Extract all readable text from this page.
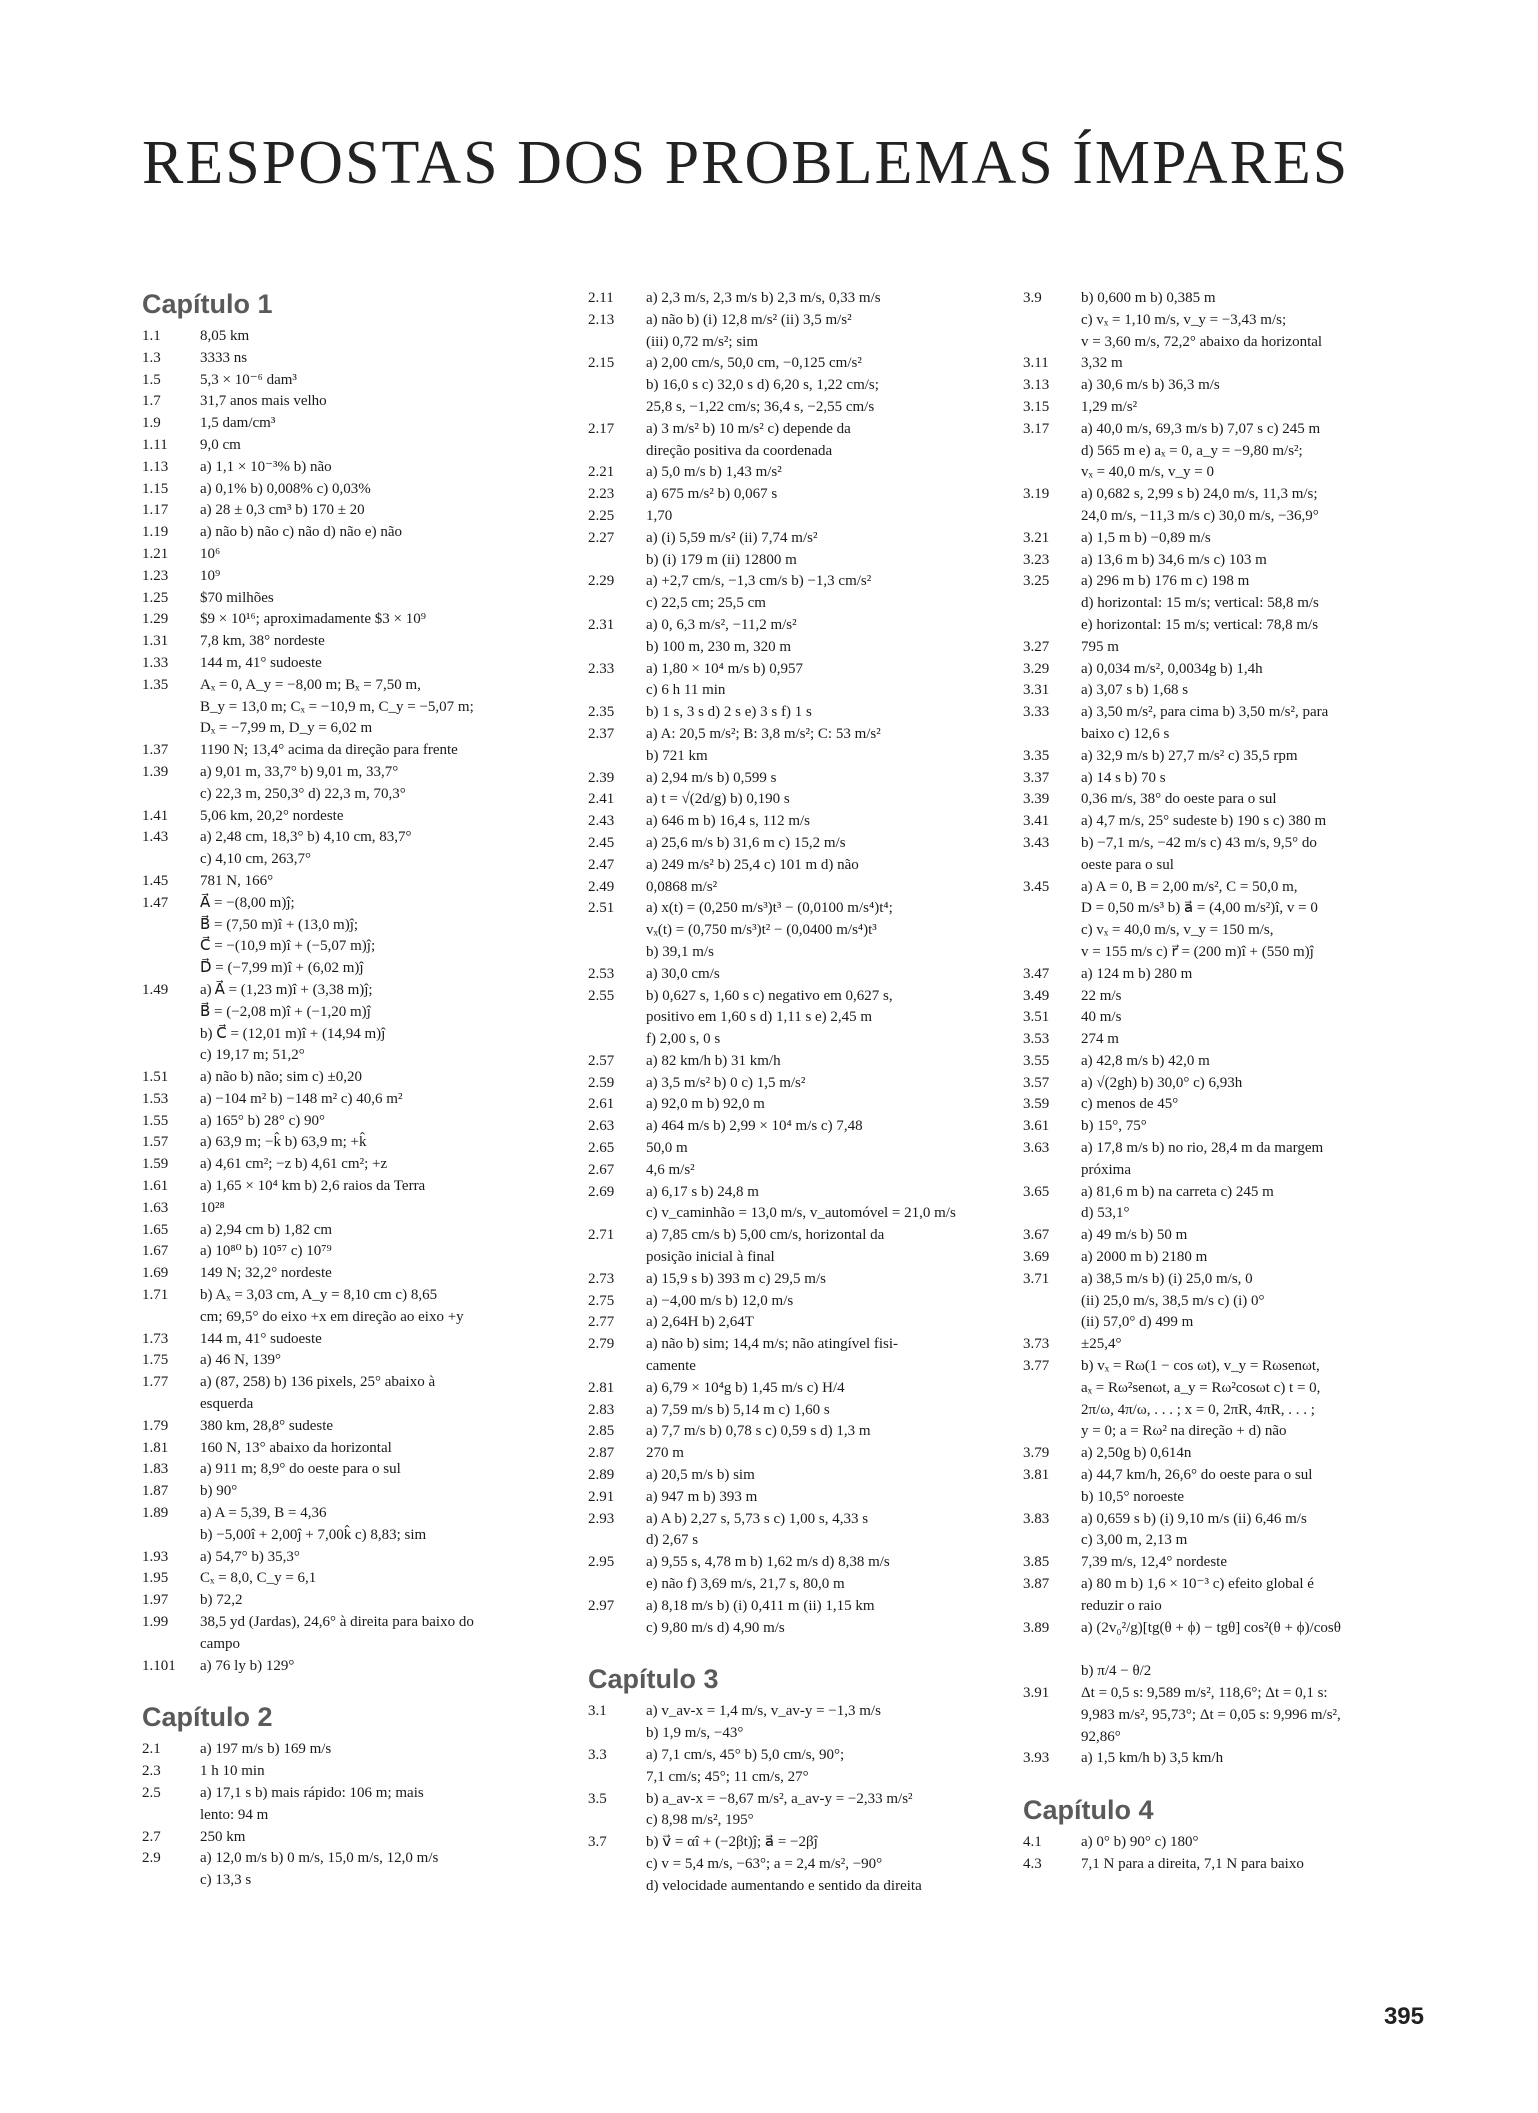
RESPOSTAS DOS PROBLEMAS ÍMPARES
Capítulo 1
1.1	8,05 km
1.3	3333 ns
1.5	5,3 × 10⁻⁶ dam³
1.7	31,7 anos mais velho
1.9	1,5 dam/cm³
1.11	9,0 cm
1.13	a) 1,1 × 10⁻³% b) não
1.15	a) 0,1% b) 0,008% c) 0,03%
1.17	a) 28 ± 0,3 cm³ b) 170 ± 20
1.19	a) não b) não c) não d) não e) não
1.21	10⁶
1.23	10⁹
1.25	$70 milhões
1.29	$9 × 10¹⁶; aproximadamente $3 × 10⁹
1.31	7,8 km, 38° nordeste
1.33	144 m, 41° sudoeste
1.35	Aₓ = 0, A_y = −8,00 m; Bₓ = 7,50 m,
B_y = 13,0 m; Cₓ = −10,9 m, C_y = −5,07 m;
Dₓ = −7,99 m, D_y = 6,02 m
1.37	1190 N; 13,4° acima da direção para frente
1.39	a) 9,01 m, 33,7° b) 9,01 m, 33,7°
c) 22,3 m, 250,3° d) 22,3 m, 70,3°
1.41	5,06 km, 20,2° nordeste
1.43	a) 2,48 cm, 18,3° b) 4,10 cm, 83,7°
c) 4,10 cm, 263,7°
1.45	781 N, 166°
1.47	A⃗ = −(8,00 m)ĵ;
B⃗ = (7,50 m)î + (13,0 m)ĵ;
C⃗ = −(10,9 m)î + (−5,07 m)ĵ;
D⃗ = (−7,99 m)î + (6,02 m)ĵ
1.49	a) A⃗ = (1,23 m)î + (3,38 m)ĵ;
B⃗ = (−2,08 m)î + (−1,20 m)ĵ
b) C⃗ = (12,01 m)î + (14,94 m)ĵ
c) 19,17 m; 51,2°
1.51	a) não b) não; sim c) ±0,20
1.53	a) −104 m² b) −148 m² c) 40,6 m²
1.55	a) 165° b) 28° c) 90°
1.57	a) 63,9 m; −k̂ b) 63,9 m; +k̂
1.59	a) 4,61 cm²; −z b) 4,61 cm²; +z
1.61	a) 1,65 × 10⁴ km b) 2,6 raios da Terra
1.63	10²⁸
1.65	a) 2,94 cm b) 1,82 cm
1.67	a) 10⁸⁰ b) 10⁵⁷ c) 10⁷⁹
1.69	149 N; 32,2° nordeste
1.71	b) Aₓ = 3,03 cm, A_y = 8,10 cm c) 8,65
cm; 69,5° do eixo +x em direção ao eixo +y
1.73	144 m, 41° sudoeste
1.75	a) 46 N, 139°
1.77	a) (87, 258) b) 136 pixels, 25° abaixo à
esquerda
1.79	380 km, 28,8° sudeste
1.81	160 N, 13° abaixo da horizontal
1.83	a) 911 m; 8,9° do oeste para o sul
1.87	b) 90°
1.89	a) A = 5,39, B = 4,36
b) −5,00î + 2,00ĵ + 7,00k̂ c) 8,83; sim
1.93	a) 54,7° b) 35,3°
1.95	Cₓ = 8,0, C_y = 6,1
1.97	b) 72,2
1.99	38,5 yd (Jardas), 24,6° à direita para baixo do
campo
1.101	a) 76 ly b) 129°
Capítulo 2
2.1	a) 197 m/s b) 169 m/s
2.3	1 h 10 min
2.5	a) 17,1 s b) mais rápido: 106 m; mais
lento: 94 m
2.7	250 km
2.9	a) 12,0 m/s b) 0 m/s, 15,0 m/s, 12,0 m/s
c) 13,3 s
2.11	a) 2,3 m/s, 2,3 m/s b) 2,3 m/s, 0,33 m/s
2.13	a) não b) (i) 12,8 m/s² (ii) 3,5 m/s²
(iii) 0,72 m/s²; sim
2.15	a) 2,00 cm/s, 50,0 cm, −0,125 cm/s²
b) 16,0 s c) 32,0 s d) 6,20 s, 1,22 cm/s;
25,8 s, −1,22 cm/s; 36,4 s, −2,55 cm/s
2.17	a) 3 m/s² b) 10 m/s² c) depende da
direção positiva da coordenada
2.21	a) 5,0 m/s b) 1,43 m/s²
2.23	a) 675 m/s² b) 0,067 s
2.25	1,70
2.27	a) (i) 5,59 m/s² (ii) 7,74 m/s²
b) (i) 179 m (ii) 12800 m
2.29	a) +2,7 cm/s, −1,3 cm/s b) −1,3 cm/s²
c) 22,5 cm; 25,5 cm
2.31	a) 0, 6,3 m/s², −11,2 m/s²
b) 100 m, 230 m, 320 m
2.33	a) 1,80 × 10⁴ m/s b) 0,957
c) 6 h 11 min
2.35	b) 1 s, 3 s d) 2 s e) 3 s f) 1 s
2.37	a) A: 20,5 m/s²; B: 3,8 m/s²; C: 53 m/s²
b) 721 km
2.39	a) 2,94 m/s b) 0,599 s
2.41	a) t = √(2d/g) b) 0,190 s
2.43	a) 646 m b) 16,4 s, 112 m/s
2.45	a) 25,6 m/s b) 31,6 m c) 15,2 m/s
2.47	a) 249 m/s² b) 25,4 c) 101 m d) não
2.49	0,0868 m/s²
2.51	a) x(t) = (0,250 m/s³)t³ − (0,0100 m/s⁴)t⁴;
vₓ(t) = (0,750 m/s³)t² − (0,0400 m/s⁴)t³
b) 39,1 m/s
2.53	a) 30,0 cm/s
2.55	b) 0,627 s, 1,60 s c) negativo em 0,627 s,
positivo em 1,60 s d) 1,11 s e) 2,45 m
f) 2,00 s, 0 s
2.57	a) 82 km/h b) 31 km/h
2.59	a) 3,5 m/s² b) 0 c) 1,5 m/s²
2.61	a) 92,0 m b) 92,0 m
2.63	a) 464 m/s b) 2,99 × 10⁴ m/s c) 7,48
2.65	50,0 m
2.67	4,6 m/s²
2.69	a) 6,17 s b) 24,8 m
c) v_caminhão = 13,0 m/s, v_automóvel = 21,0 m/s
2.71	a) 7,85 cm/s b) 5,00 cm/s, horizontal da
posição inicial à final
2.73	a) 15,9 s b) 393 m c) 29,5 m/s
2.75	a) −4,00 m/s b) 12,0 m/s
2.77	a) 2,64H b) 2,64T
2.79	a) não b) sim; 14,4 m/s; não atingível fisi-
camente
2.81	a) 6,79 × 10⁴g b) 1,45 m/s c) H/4
2.83	a) 7,59 m/s b) 5,14 m c) 1,60 s
2.85	a) 7,7 m/s b) 0,78 s c) 0,59 s d) 1,3 m
2.87	270 m
2.89	a) 20,5 m/s b) sim
2.91	a) 947 m b) 393 m
2.93	a) A b) 2,27 s, 5,73 s c) 1,00 s, 4,33 s
d) 2,67 s
2.95	a) 9,55 s, 4,78 m b) 1,62 m/s d) 8,38 m/s
e) não f) 3,69 m/s, 21,7 s, 80,0 m
2.97	a) 8,18 m/s b) (i) 0,411 m (ii) 1,15 km
c) 9,80 m/s d) 4,90 m/s
Capítulo 3
3.1	a) v_av-x = 1,4 m/s, v_av-y = −1,3 m/s
b) 1,9 m/s, −43°
3.3	a) 7,1 cm/s, 45° b) 5,0 cm/s, 90°;
7,1 cm/s; 45°; 11 cm/s, 27°
3.5	b) a_av-x = −8,67 m/s², a_av-y = −2,33 m/s²
c) 8,98 m/s², 195°
3.7	b) v⃗ = αî + (−2βt)ĵ; a⃗ = −2βĵ
c) v = 5,4 m/s, −63°; a = 2,4 m/s², −90°
d) velocidade aumentando e sentido da direita
3.9	b) 0,600 m b) 0,385 m
c) vₓ = 1,10 m/s, v_y = −3,43 m/s;
v = 3,60 m/s, 72,2° abaixo da horizontal
3.11	3,32 m
3.13	a) 30,6 m/s b) 36,3 m/s
3.15	1,29 m/s²
3.17	a) 40,0 m/s, 69,3 m/s b) 7,07 s c) 245 m
d) 565 m e) aₓ = 0, a_y = −9,80 m/s²;
vₓ = 40,0 m/s, v_y = 0
3.19	a) 0,682 s, 2,99 s b) 24,0 m/s, 11,3 m/s;
24,0 m/s, −11,3 m/s c) 30,0 m/s, −36,9°
3.21	a) 1,5 m b) −0,89 m/s
3.23	a) 13,6 m b) 34,6 m/s c) 103 m
3.25	a) 296 m b) 176 m c) 198 m
d) horizontal: 15 m/s; vertical: 58,8 m/s
e) horizontal: 15 m/s; vertical: 78,8 m/s
3.27	795 m
3.29	a) 0,034 m/s², 0,0034g b) 1,4h
3.31	a) 3,07 s b) 1,68 s
3.33	a) 3,50 m/s², para cima b) 3,50 m/s², para
baixo c) 12,6 s
3.35	a) 32,9 m/s b) 27,7 m/s² c) 35,5 rpm
3.37	a) 14 s b) 70 s
3.39	0,36 m/s, 38° do oeste para o sul
3.41	a) 4,7 m/s, 25° sudeste b) 190 s c) 380 m
3.43	b) −7,1 m/s, −42 m/s c) 43 m/s, 9,5° do
oeste para o sul
3.45	a) A = 0, B = 2,00 m/s², C = 50,0 m,
D = 0,50 m/s³ b) a⃗ = (4,00 m/s²)î, v = 0
c) vₓ = 40,0 m/s, v_y = 150 m/s,
v = 155 m/s c) r⃗ = (200 m)î + (550 m)ĵ
3.47	a) 124 m b) 280 m
3.49	22 m/s
3.51	40 m/s
3.53	274 m
3.55	a) 42,8 m/s b) 42,0 m
3.57	a) √(2gh) b) 30,0° c) 6,93h
3.59	c) menos de 45°
3.61	b) 15°, 75°
3.63	a) 17,8 m/s b) no rio, 28,4 m da margem
próxima
3.65	a) 81,6 m b) na carreta c) 245 m
d) 53,1°
3.67	a) 49 m/s b) 50 m
3.69	a) 2000 m b) 2180 m
3.71	a) 38,5 m/s b) (i) 25,0 m/s, 0
(ii) 25,0 m/s, 38,5 m/s c) (i) 0°
(ii) 57,0° d) 499 m
3.73	±25,4°
3.77	b) vₓ = Rω(1 − cos ωt), v_y = Rωsenωt,
aₓ = Rω²senωt, a_y = Rω²cosωt c) t = 0,
2π/ω, 4π/ω, . . . ; x = 0, 2πR, 4πR, . . . ;
y = 0; a = Rω² na direção + d) não
3.79	a) 2,50g b) 0,614n
3.81	a) 44,7 km/h, 26,6° do oeste para o sul
b) 10,5° noroeste
3.83	a) 0,659 s b) (i) 9,10 m/s (ii) 6,46 m/s
c) 3,00 m, 2,13 m
3.85	7,39 m/s, 12,4° nordeste
3.87	a) 80 m b) 1,6 × 10⁻³ c) efeito global é
reduzir o raio
3.89	a) (2v₀²/g)[tg(θ + ϕ) − tgθ] cos²(θ + ϕ)/cosθ

b) π/4 − θ/2
3.91	Δt = 0,5 s: 9,589 m/s², 118,6°; Δt = 0,1 s:
9,983 m/s², 95,73°; Δt = 0,05 s: 9,996 m/s²,
92,86°
3.93	a) 1,5 km/h b) 3,5 km/h
Capítulo 4
4.1	a) 0° b) 90° c) 180°
4.3	7,1 N para a direita, 7,1 N para baixo
395
